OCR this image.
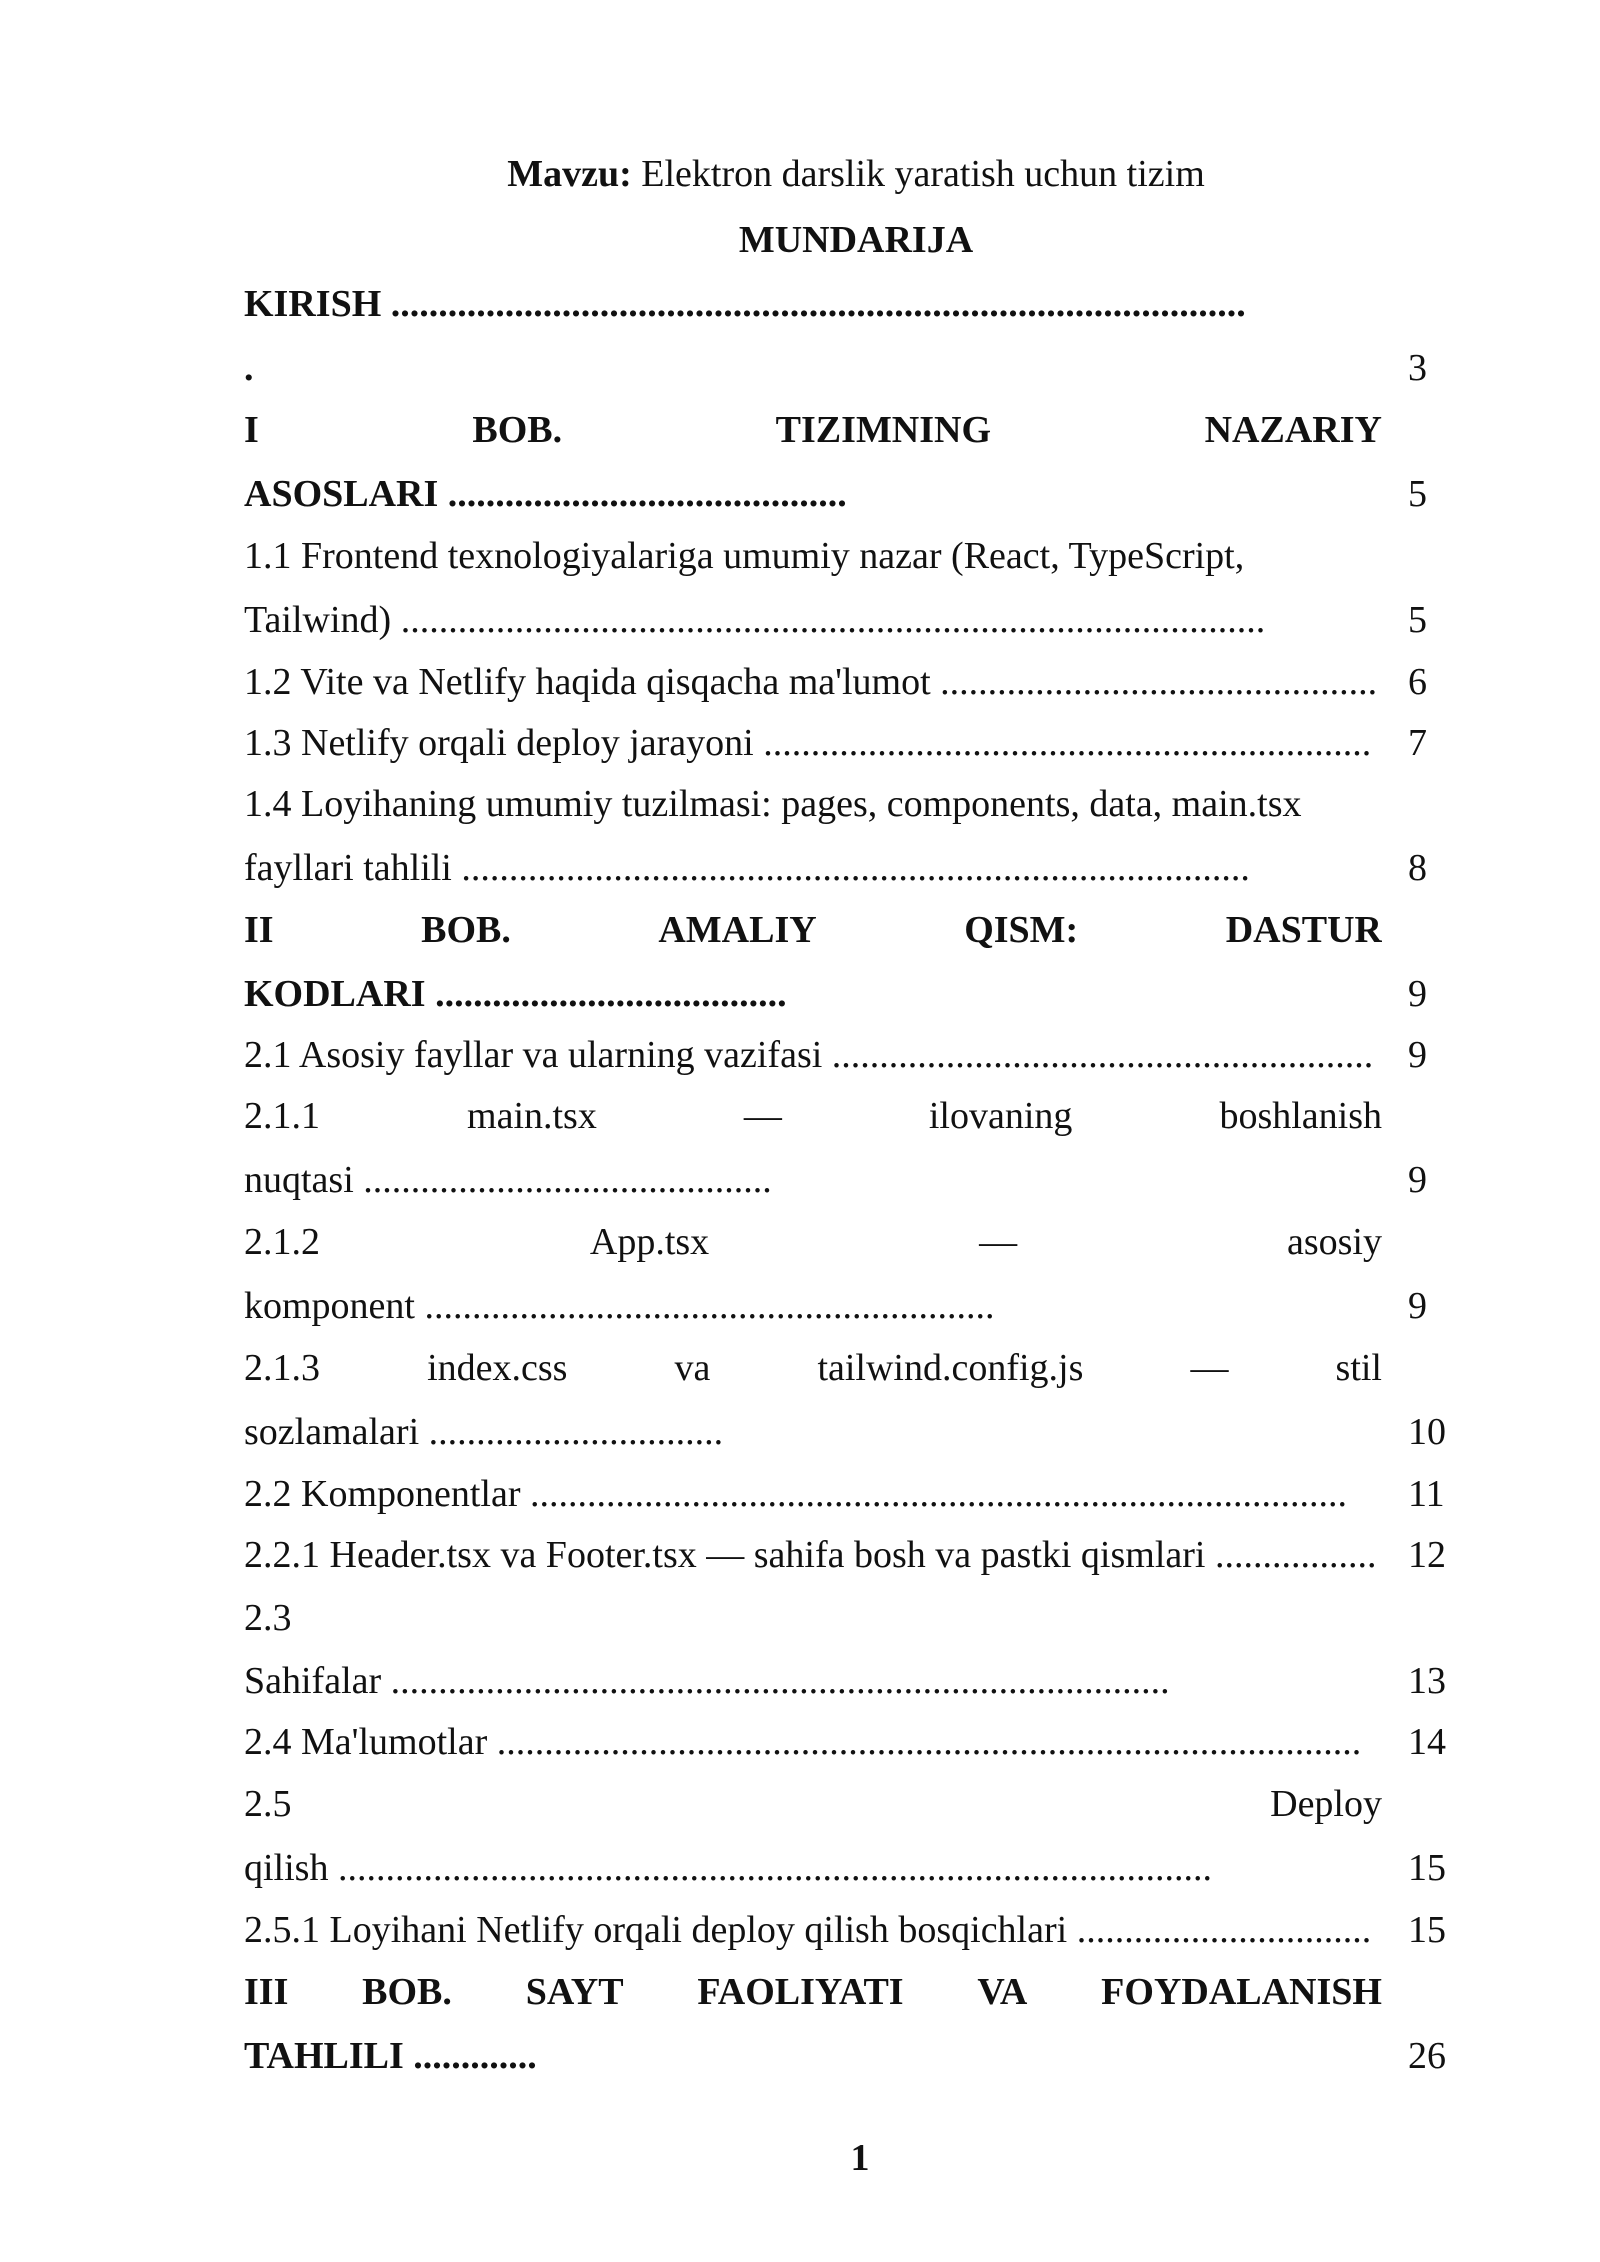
Mavzu: Elektron darslik yaratish uchun tizim
MUNDARIJA
KIRISH ..........................................................................................
.	3
I	BOB.	TIZIMNING	NAZARIY
ASOSLARI ..........................................	5
1.1 Frontend texnologiyalariga umumiy nazar (React, TypeScript,
Tailwind) ...........................................................................................	5
1.2 Vite va Netlify haqida qisqacha ma'lumot .............................................. 6
1.3 Netlify orqali deploy jarayoni ................................................................ 7
1.4 Loyihaning umumiy tuzilmasi: pages, components, data, main.tsx
fayllari tahlili ...................................................................................	8
II	BOB.	AMALIY	QISM:	DASTUR
KODLARI .....................................	9
2.1 Asosiy fayllar va ularning vazifasi ......................................................... 9
2.1.1	main.tsx	—	ilovaning	boshlanish
nuqtasi ...........................................	9
2.1.2	App.tsx	—	asosiy
komponent ............................................................	9
2.1.3	index.css	va	tailwind.config.js	—	stil
sozlamalari ...............................	10
2.2 Komponentlar ......................................................................................	11
2.2.1 Header.tsx va Footer.tsx — sahifa bosh va pastki qismlari ................. 12
2.3
Sahifalar ..................................................................................	13
2.4 Ma'lumotlar ...........................................................................................	14
2.5	Deploy
qilish ............................................................................................	15
2.5.1 Loyihani Netlify orqali deploy qilish bosqichlari ............................... 15
III BOB. SAYT FAOLIYATI VA FOYDALANISH
TAHLILI .............	26
1
